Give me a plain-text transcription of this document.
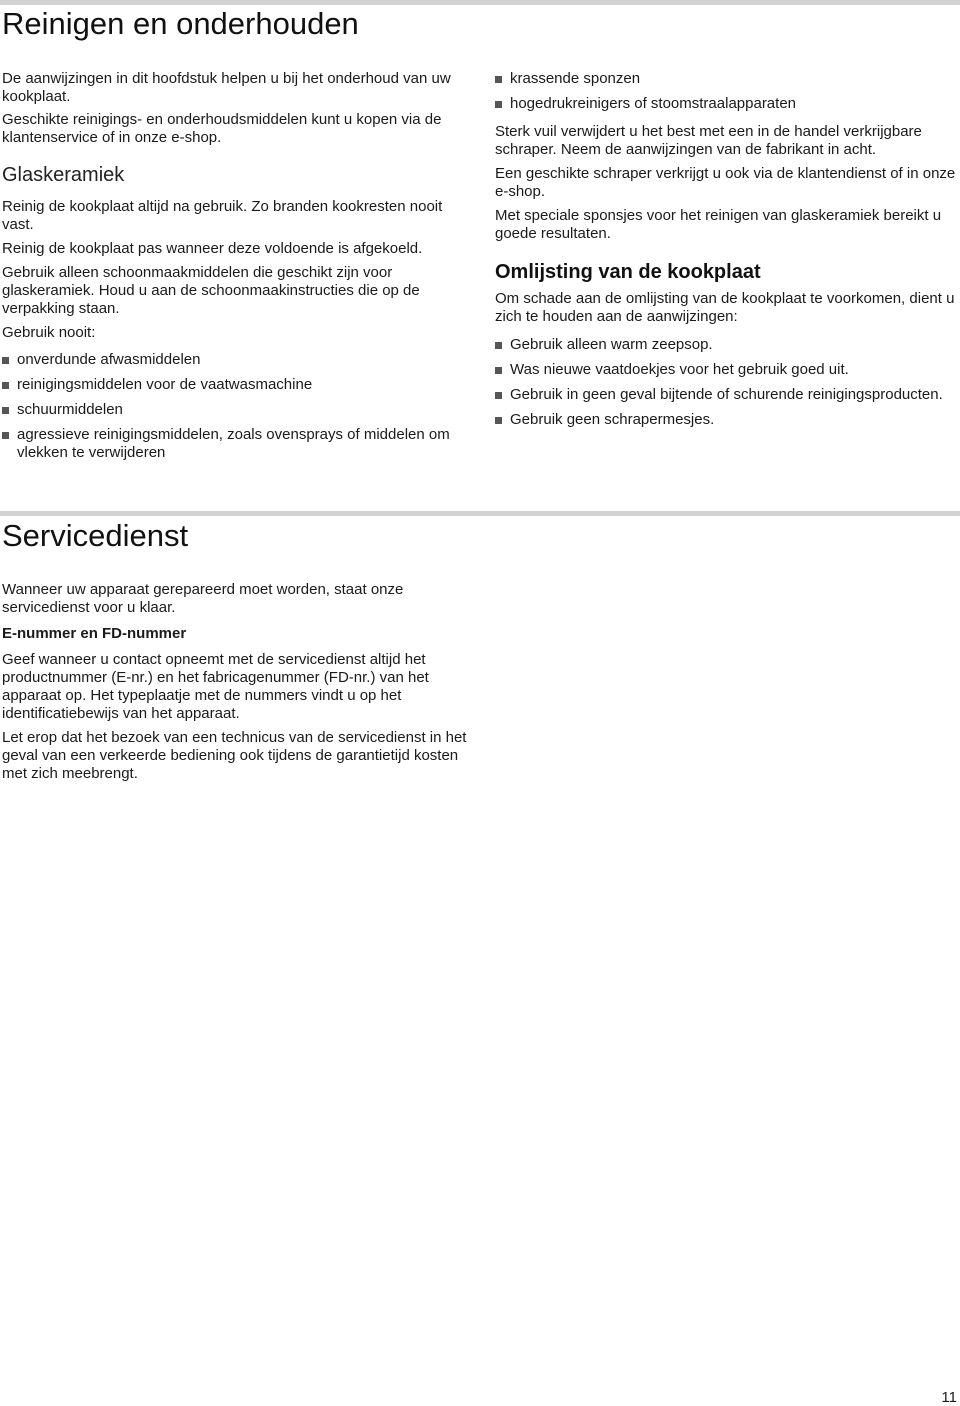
Reinigen en onderhouden

De aanwijzingen in dit hoofdstuk helpen u bij het onderhoud van uw kookplaat.

Geschikte reinigings- en onderhoudsmiddelen kunt u kopen via de klantenservice of in onze e-shop.

Glaskeramiek

Reinig de kookplaat altijd na gebruik. Zo branden kookresten nooit vast.

Reinig de kookplaat pas wanneer deze voldoende is afgekoeld.

Gebruik alleen schoonmaakmiddelen die geschikt zijn voor glaskeramiek. Houd u aan de schoonmaakinstructies die op de verpakking staan.

Gebruik nooit:

onverdunde afwasmiddelen
reinigingsmiddelen voor de vaatwasmachine
schuurmiddelen
agressieve reinigingsmiddelen, zoals ovensprays of middelen om vlekken te verwijderen
krassende sponzen
hogedrukreinigers of stoomstraalapparaten

Sterk vuil verwijdert u het best met een in de handel verkrijgbare schraper. Neem de aanwijzingen van de fabrikant in acht.

Een geschikte schraper verkrijgt u ook via de klantendienst of in onze e-shop.

Met speciale sponsjes voor het reinigen van glaskeramiek bereikt u goede resultaten.

Omlijsting van de kookplaat

Om schade aan de omlijsting van de kookplaat te voorkomen, dient u zich te houden aan de aanwijzingen:

Gebruik alleen warm zeepsop.
Was nieuwe vaatdoekjes voor het gebruik goed uit.
Gebruik in geen geval bijtende of schurende reinigingsproducten.
Gebruik geen schrapermesjes.
Servicedienst

Wanneer uw apparaat gerepareerd moet worden, staat onze servicedienst voor u klaar.

E-nummer en FD-nummer

Geef wanneer u contact opneemt met de servicedienst altijd het productnummer (E-nr.) en het fabricagenummer (FD-nr.) van het apparaat op. Het typeplaatje met de nummers vindt u op het identificatiebewijs van het apparaat.

Let erop dat het bezoek van een technicus van de servicedienst in het geval van een verkeerde bediening ook tijdens de garantietijd kosten met zich meebrengt.

11
